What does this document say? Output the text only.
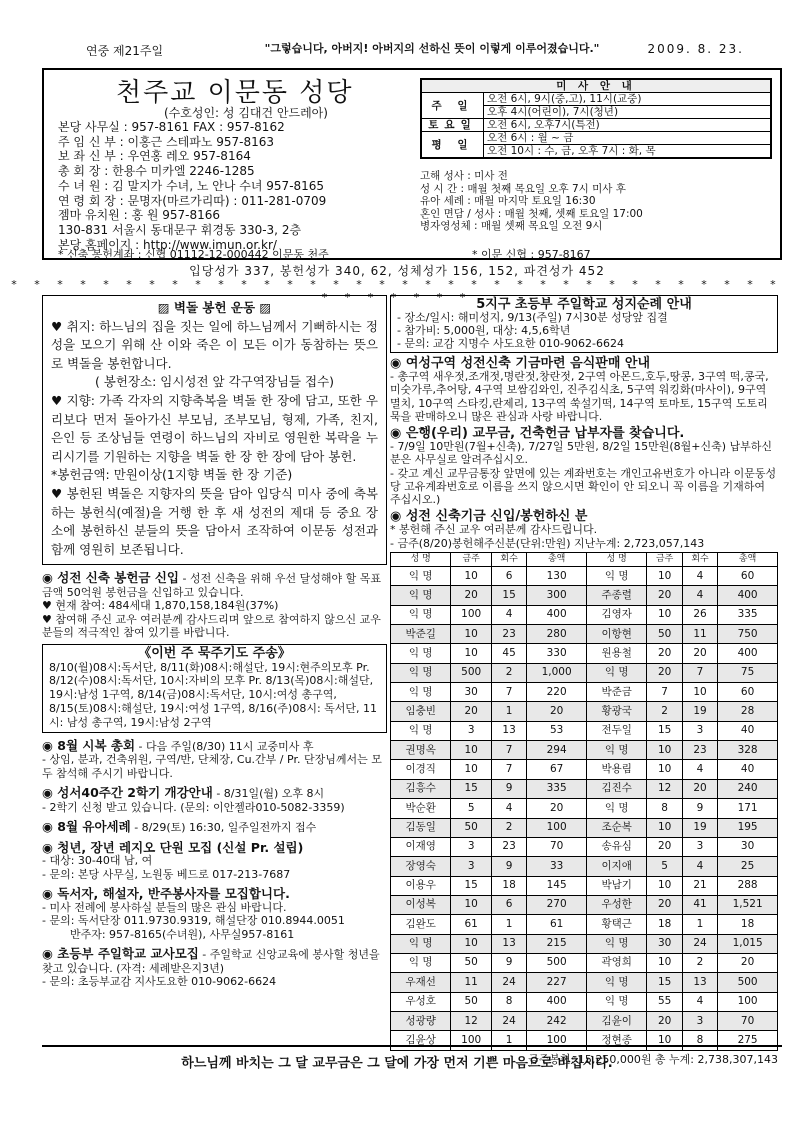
연중 제21주일	"그렇습니다, 아버지! 아버지의 선하신 뜻이 이렇게 이루어졌습니다."	2009. 8. 23.
천주교 이문동 성당
(수호성인: 성 김대건 안드레아)
본당 사무실 : 957-8161 FAX : 957-8162
주 임 신 부 : 이홍근 스테파노 957-8163
보 좌 신 부 : 우연홍 레오 957-8164
총 회 장 : 한용수 미카엘 2246-1285
수 녀 원 : 김 말지가 수녀, 노 안나 수녀 957-8165
연 령 회 장 : 문명자(마르가리따) : 011-281-0709
젬마 유치원 : 홍 원 957-8166
130-831 서울시 동대문구 휘경동 330-3, 2층
본당 홈페이지 : http://www.imun.or.kr/
미 사 안 내	
주 일	오전 6시, 9시(중,고), 11시(교중)
	오후 4시(어린이), 7시(청년)
토요일	오전 6시, 오후7시(특전)
평 일	오전 6시 : 월 ~ 금
	오전 10시 : 수, 금, 오후 7시 : 화, 목
고해 성사 : 미사 전
성 시 간 : 매월 첫째 목요일 오후 7시 미사 후
유아 세례 : 매월 마지막 토요일 16:30
혼인 면담 / 성사 : 매월 첫째, 셋째 토요일 17:00
병자영성체 : 매월 셋째 목요일 오전 9시
* 신축 봉헌계좌 : 신협 01112-12-000442 이문동 천주	* 이문 신협 : 957-8167
입당성가 337, 봉헌성가 340, 62, 성체성가 156, 152, 파견성가 452
* * * * * * * * * * * * * * * * * * * * * * * * * * * * * * * * * * * * * * * * *
▨ 벽돌 봉헌 운동 ▨
♥ 취지: 하느님의 집을 짓는 일에 하느님께서 기뻐하시는 정성을 모으기 위해 산 이와 죽은 이 모든 이가 동참하는 뜻으로 벽돌을 봉헌합니다.
( 봉헌장소: 임시성전 앞 각구역장님들 접수)
♥ 지향: 가족 각자의 지향축복을 벽돌 한 장에 담고, 또한 우리보다 먼저 돌아가신 부모님, 조부모님, 형제, 가족, 친지, 은인 등 조상님들 연령이 하느님의 자비로 영원한 복락을 누리시기를 기원하는 지향을 벽돌 한 장 한 장에 담아 봉헌.
*봉헌금액: 만원이상(1지향 벽돌 한 장 기준)
♥ 봉헌된 벽돌은 지향자의 뜻을 담아 입당식 미사 중에 축복하는 봉헌식(예절)을 거행 한 후 새 성전의 제대 등 중요 장소에 봉헌하신 분들의 뜻을 담아서 조작하여 이문동 성전과 함께 영원히 보존됩니다.
◉ 성전 신축 봉헌금 신입 - 성전 신축을 위해 우선 달성해야 할 목표금액 50억원 봉헌금을 신입하고 있습니다.
♥ 현재 참여: 484세대 1,870,158,184원(37%)
♥ 참여해 주신 교우 여러분께 감사드리며 앞으로 참여하지 않으신 교우 분들의 적극적인 참여 있기를 바랍니다.
《이번 주 묵주기도 주송》
8/10(월)08시:독서단, 8/11(화)08시:해설단, 19시:현주의모후 Pr. 8/12(수)08시:독서단, 10시:자비의 모후 Pr. 8/13(목)08시:해설단, 19시:남성 1구역, 8/14(금)08시:독서단, 10시:여성 총구역, 8/15(토)08시:해설단, 19시:여성 1구역, 8/16(주)08시: 독서단, 11시: 남성 총구역, 19시:남성 2구역
◉ 8월 시복 총회 - 다음 주일(8/30) 11시 교중미사 후
- 상임, 분과, 건축위원, 구역/반, 단체장, Cu.간부 / Pr. 단장님께서는 모두 참석해 주시기 바랍니다.
◉ 성서40주간 2학기 개강안내 - 8/31일(월) 오후 8시
- 2학기 신청 받고 있습니다. (문의: 이안젤라010-5082-3359)
◉ 8월 유아세례 - 8/29(토) 16:30, 일주일전까지 접수
◉ 청년, 장년 레지오 단원 모집 (신설 Pr. 설립)
- 대상: 30-40대 남, 여
- 문의: 본당 사무실, 노원동 베드로 017-213-7687
◉ 독서자, 해설자, 반주봉사자를 모집합니다.
- 미사 전례에 봉사하실 분들의 많은 관심 바랍니다.
- 문의: 독서단장 011.9730.9319, 해설단장 010.8944.0051
반주자: 957-8165(수녀원), 사무실957-8161
◉ 초등부 주일학교 교사모집 - 주일학교 신앙교육에 봉사할 청년을 찾고 있습니다. (자격: 세례받은지3년)
- 문의: 초등부교감 지사도요한 010-9062-6624
5지구 초등부 주일학교 성지순례 안내
- 장소/일시: 해미성지, 9/13(주일) 7시30분 성당앞 집결
- 참가비: 5,000원, 대상: 4,5,6학년
- 문의: 교감 지명수 사도요한 010-9062-6624
◉ 여성구역 성전신축 기금마련 음식판매 안내
- 총구역 새우젓,조개젓,명란젓,창란젓, 2구역 아몬드,호두,땅콩, 3구역 떡,콩국,미숫가루,추어탕, 4구역 보쌈김와인, 진주김식초, 5구역 워킹화(마사이), 9구역 멸치, 10구역 스타킹,란제리, 13구역 쑥설기떡, 14구역 토마토, 15구역 도토리묵을 판매하오니 많은 관심과 사랑 바랍니다.
◉ 은행(우리) 교무금, 건축헌금 납부자를 찾습니다.
- 7/9일 10만원(7월+신축), 7/27일 5만원, 8/2일 15만원(8월+신축) 납부하신 분은 사무실로 알려주십시오.
- 갖고 계신 교무금통장 앞면에 있는 계좌번호는 개인고유번호가 아니라 이문동성당 고유계좌번호로 이름을 쓰지 않으시면 확인이 안 되오니 꼭 이름을 기재하여 주십시오.)
◉ 성전 신축기금 신입/봉헌하신 분
* 봉헌해 주신 교우 여러분께 감사드립니다.
- 금주(8/20)봉헌해주신분(단위:만원) 지난누계: 2,723,057,143
성 명	금주	회수	총액	성 명	금주	회수	총액
익 명	10	6	130	익 명	10	4	60
익 명	20	15	300	주종렬	20	4	400
익 명	100	4	400	김영자	10	26	335
박준길	10	23	280	이항현	50	11	750
익 명	10	45	330	원용철	20	20	400
익 명	500	2	1,000	익 명	20	7	75
익 명	30	7	220	박준금	7	10	60
임충빈	20	1	20	황광국	2	19	28
익 명	3	13	53	전두일	15	3	40
권명옥	10	7	294	익 명	10	23	328
이경직	10	7	67	박용림	10	4	40
김흥수	15	9	335	김진수	12	20	240
박순환	5	4	20	익 명	8	9	171
김동일	50	2	100	조순복	10	19	195
이재영	3	23	70	송유심	20	3	30
장영숙	3	9	33	이지애	5	4	25
이용우	15	18	145	박남기	10	21	288
이성복	10	6	270	우성한	20	41	1,521
김완도	61	1	61	황택근	18	1	18
익 명	10	13	215	익 명	30	24	1,015
익 명	50	9	500	곽영희	10	2	20
우재선	11	24	227	익 명	15	13	500
우성호	50	8	400	익 명	55	4	100
성광량	12	24	242	김윤이	20	3	70
김윤상	100	1	100	정현종	10	8	275
금주봉헌: 15,250,000원 총 누계: 2,738,307,143
하느님께 바치는 그 달 교무금은 그 달에 가장 먼저 기쁜 마음으로 바칩시다.
